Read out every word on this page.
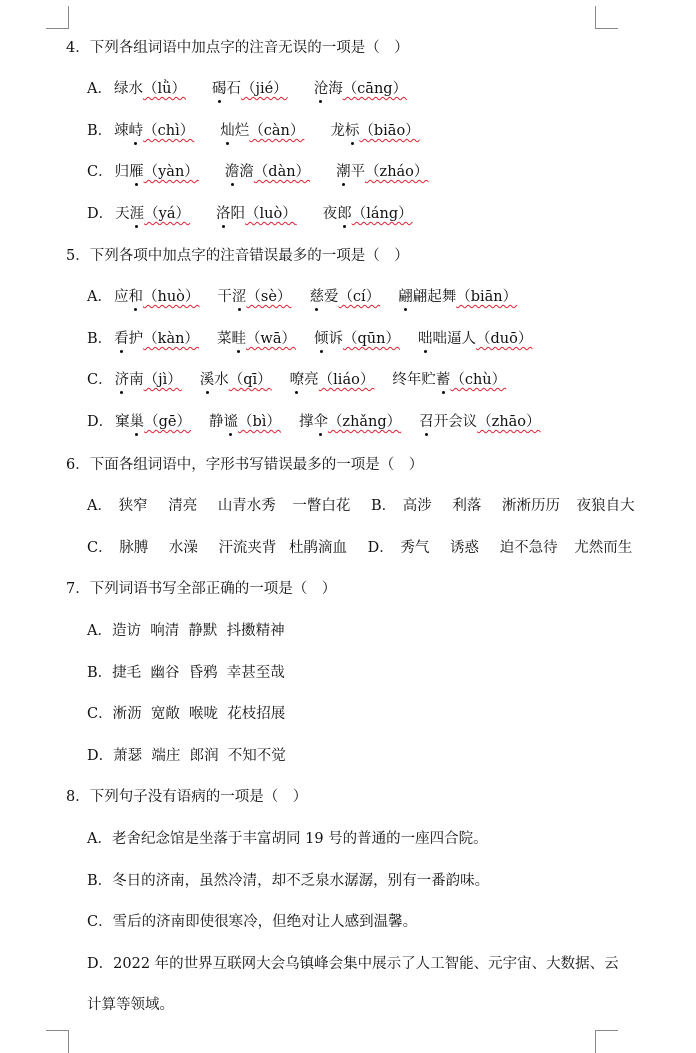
4．下列各组词语中加点字的注音无误的一项是（　）
A． 绿水（lǜ） 碣石（jié） 沧海（cāng）
B． 竦峙（chì） 灿烂（càn） 龙标（biāo）
C． 归雁（yàn） 澹澹（dàn） 潮平（zháo）
D． 天涯（yá） 洛阳（luò） 夜郎（láng）
5．下列各项中加点字的注音错误最多的一项是（　）
A． 应和（huò） 干涩（sè） 慈爱（cí） 翩翩起舞（biān）
B． 看护（kàn） 菜畦（wā） 倾诉（qūn） 咄咄逼人（duō）
C． 济南（jì） 溪水（qī） 嘹亮（liáo） 终年贮蓄（chù）
D． 窠巢（gē） 静谧（bì） 撑伞（zhǎng） 召开会议（zhāo）
6．下面各组词语中，字形书写错误最多的一项是（　）
A． 狭窄 清亮 山青水秀 一瞥白花 B． 高涉 利落 淅淅历历 夜狼自大
C． 脉膊 水澡 汗流夹背 杜鹃滴血 D． 秀气 诱惑 迫不急待 尤然而生
7．下列词语书写全部正确的一项是（　）
A．造访  响清  静默  抖擞精神
B．捷毛  幽谷  昏鸦  幸甚至哉
C．淅沥  宽敞  喉咙  花枝招展
D．萧瑟  端庄  郎润  不知不觉
8．下列句子没有语病的一项是（　）
A．老舍纪念馆是坐落于丰富胡同 19 号的普通的一座四合院。
B．冬日的济南，虽然冷清，却不乏泉水潺潺，别有一番韵味。
C．雪后的济南即使很寒冷，但绝对让人感到温馨。
D．2022 年的世界互联网大会乌镇峰会集中展示了人工智能、元宇宙、大数据、云
计算等领域。
